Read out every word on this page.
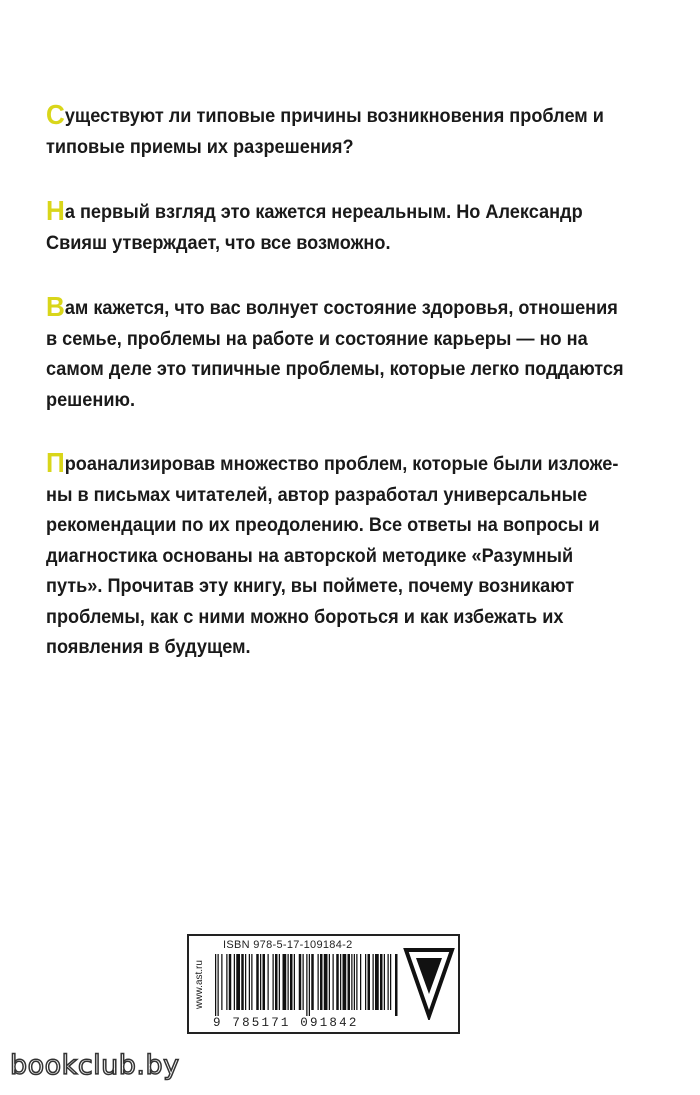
Существуют ли типовые причины возникновения проблем и
типовые приемы их разрешения?
На первый взгляд это кажется нереальным. Но Александр
Свияш утверждает, что все возможно.
Вам кажется, что вас волнует состояние здоровья, отношения
в семье, проблемы на работе и состояние карьеры — но на
самом деле это типичные проблемы, которые легко поддаются
решению.
Проанализировав множество проблем, которые были изложе-
ны в письмах читателей, автор разработал универсальные
рекомендации по их преодолению. Все ответы на вопросы и
диагностика основаны на авторской методике «Разумный
путь». Прочитав эту книгу, вы поймете, почему возникают
проблемы, как с ними можно бороться и как избежать их
появления в будущем.
www.ast.ru
ISBN 978-5-17-109184-2
9 785171 091842
bookclub.by
